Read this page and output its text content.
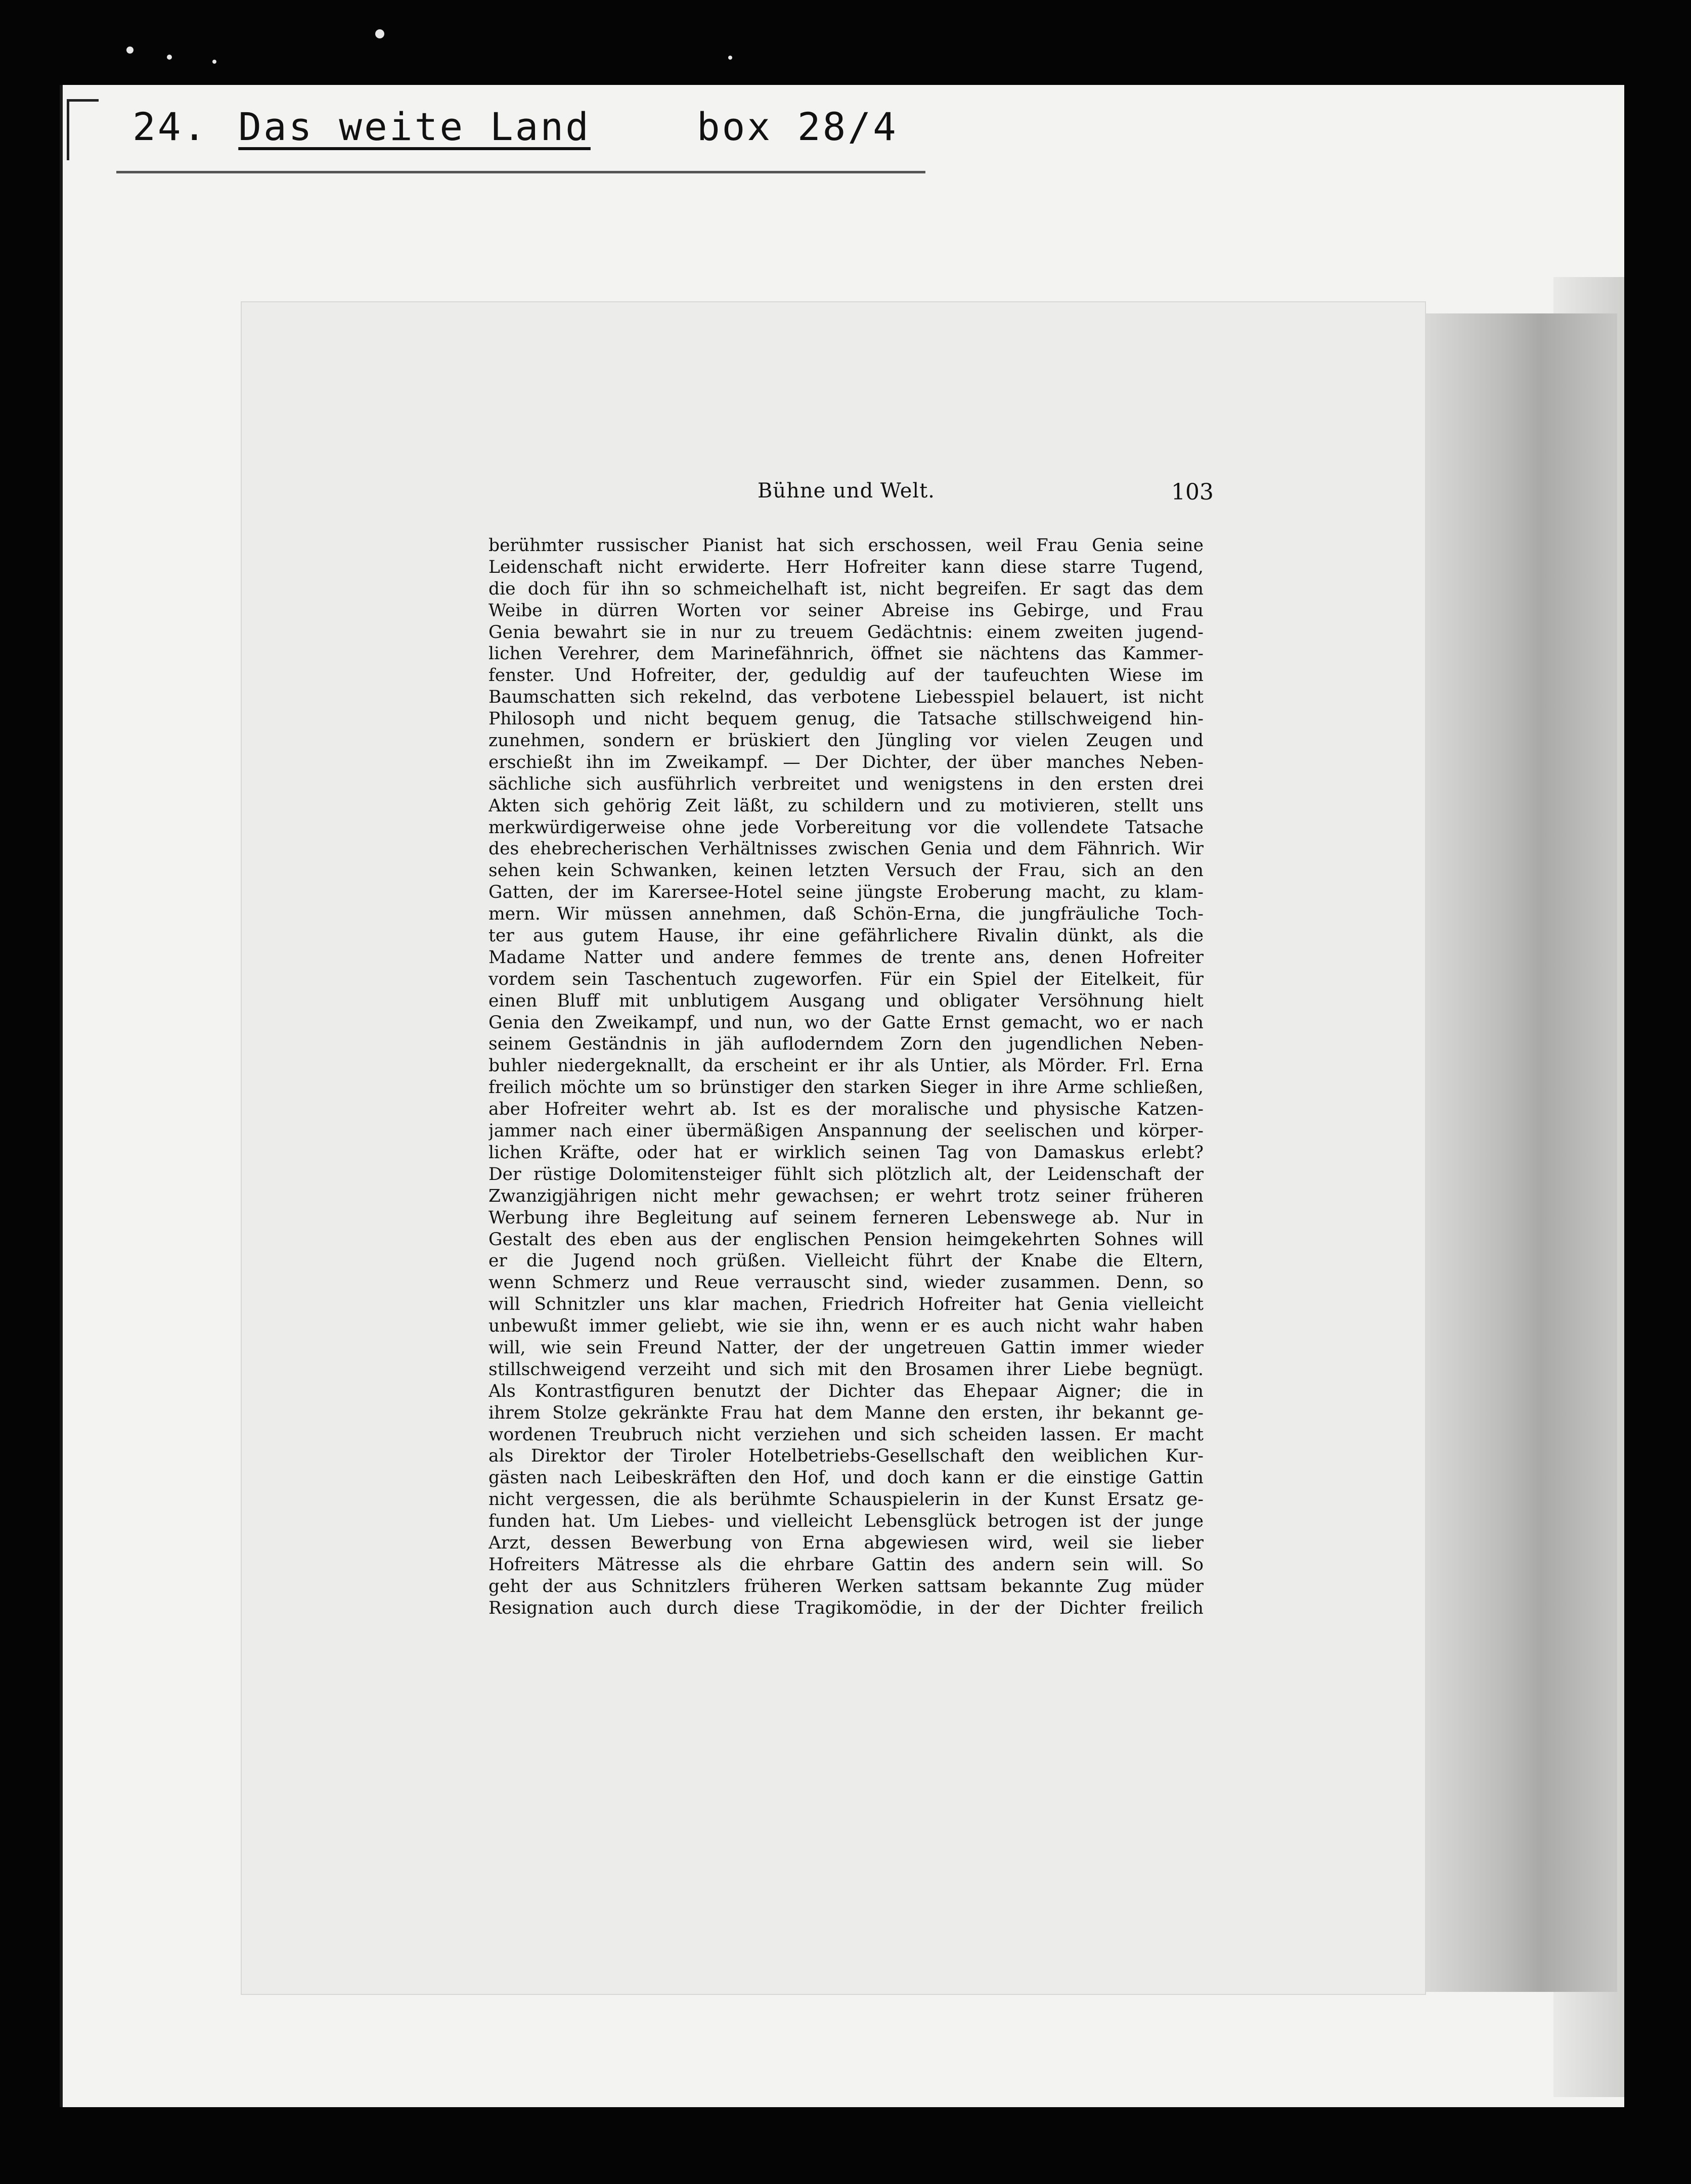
24. Das weite Land	box 28/4
Bühne und Welt.	103
berühmter russischer Pianist hat sich erschossen, weil Frau Genia seine
Leidenschaft nicht erwiderte. Herr Hofreiter kann diese starre Tugend,
die doch für ihn so schmeichelhaft ist, nicht begreifen. Er sagt das dem
Weibe in dürren Worten vor seiner Abreise ins Gebirge, und Frau
Genia bewahrt sie in nur zu treuem Gedächtnis: einem zweiten jugend-
lichen Verehrer, dem Marinefähnrich, öffnet sie nächtens das Kammer-
fenster. Und Hofreiter, der, geduldig auf der taufeuchten Wiese im
Baumschatten sich rekelnd, das verbotene Liebesspiel belauert, ist nicht
Philosoph und nicht bequem genug, die Tatsache stillschweigend hin-
zunehmen, sondern er brüskiert den Jüngling vor vielen Zeugen und
erschießt ihn im Zweikampf. — Der Dichter, der über manches Neben-
sächliche sich ausführlich verbreitet und wenigstens in den ersten drei
Akten sich gehörig Zeit läßt, zu schildern und zu motivieren, stellt uns
merkwürdigerweise ohne jede Vorbereitung vor die vollendete Tatsache
des ehebrecherischen Verhältnisses zwischen Genia und dem Fähnrich. Wir
sehen kein Schwanken, keinen letzten Versuch der Frau, sich an den
Gatten, der im Karersee-Hotel seine jüngste Eroberung macht, zu klam-
mern. Wir müssen annehmen, daß Schön-Erna, die jungfräuliche Toch-
ter aus gutem Hause, ihr eine gefährlichere Rivalin dünkt, als die
Madame Natter und andere femmes de trente ans, denen Hofreiter
vordem sein Taschentuch zugeworfen. Für ein Spiel der Eitelkeit, für
einen Bluff mit unblutigem Ausgang und obligater Versöhnung hielt
Genia den Zweikampf, und nun, wo der Gatte Ernst gemacht, wo er nach
seinem Geständnis in jäh aufloderndem Zorn den jugendlichen Neben-
buhler niedergeknallt, da erscheint er ihr als Untier, als Mörder. Frl. Erna
freilich möchte um so brünstiger den starken Sieger in ihre Arme schließen,
aber Hofreiter wehrt ab. Ist es der moralische und physische Katzen-
jammer nach einer übermäßigen Anspannung der seelischen und körper-
lichen Kräfte, oder hat er wirklich seinen Tag von Damaskus erlebt?
Der rüstige Dolomitensteiger fühlt sich plötzlich alt, der Leidenschaft der
Zwanzigjährigen nicht mehr gewachsen; er wehrt trotz seiner früheren
Werbung ihre Begleitung auf seinem ferneren Lebenswege ab. Nur in
Gestalt des eben aus der englischen Pension heimgekehrten Sohnes will
er die Jugend noch grüßen. Vielleicht führt der Knabe die Eltern,
wenn Schmerz und Reue verrauscht sind, wieder zusammen. Denn, so
will Schnitzler uns klar machen, Friedrich Hofreiter hat Genia vielleicht
unbewußt immer geliebt, wie sie ihn, wenn er es auch nicht wahr haben
will, wie sein Freund Natter, der der ungetreuen Gattin immer wieder
stillschweigend verzeiht und sich mit den Brosamen ihrer Liebe begnügt.
Als Kontrastfiguren benutzt der Dichter das Ehepaar Aigner; die in
ihrem Stolze gekränkte Frau hat dem Manne den ersten, ihr bekannt ge-
wordenen Treubruch nicht verziehen und sich scheiden lassen. Er macht
als Direktor der Tiroler Hotelbetriebs-Gesellschaft den weiblichen Kur-
gästen nach Leibeskräften den Hof, und doch kann er die einstige Gattin
nicht vergessen, die als berühmte Schauspielerin in der Kunst Ersatz ge-
funden hat. Um Liebes- und vielleicht Lebensglück betrogen ist der junge
Arzt, dessen Bewerbung von Erna abgewiesen wird, weil sie lieber
Hofreiters Mätresse als die ehrbare Gattin des andern sein will. So
geht der aus Schnitzlers früheren Werken sattsam bekannte Zug müder
Resignation auch durch diese Tragikomödie, in der der Dichter freilich
